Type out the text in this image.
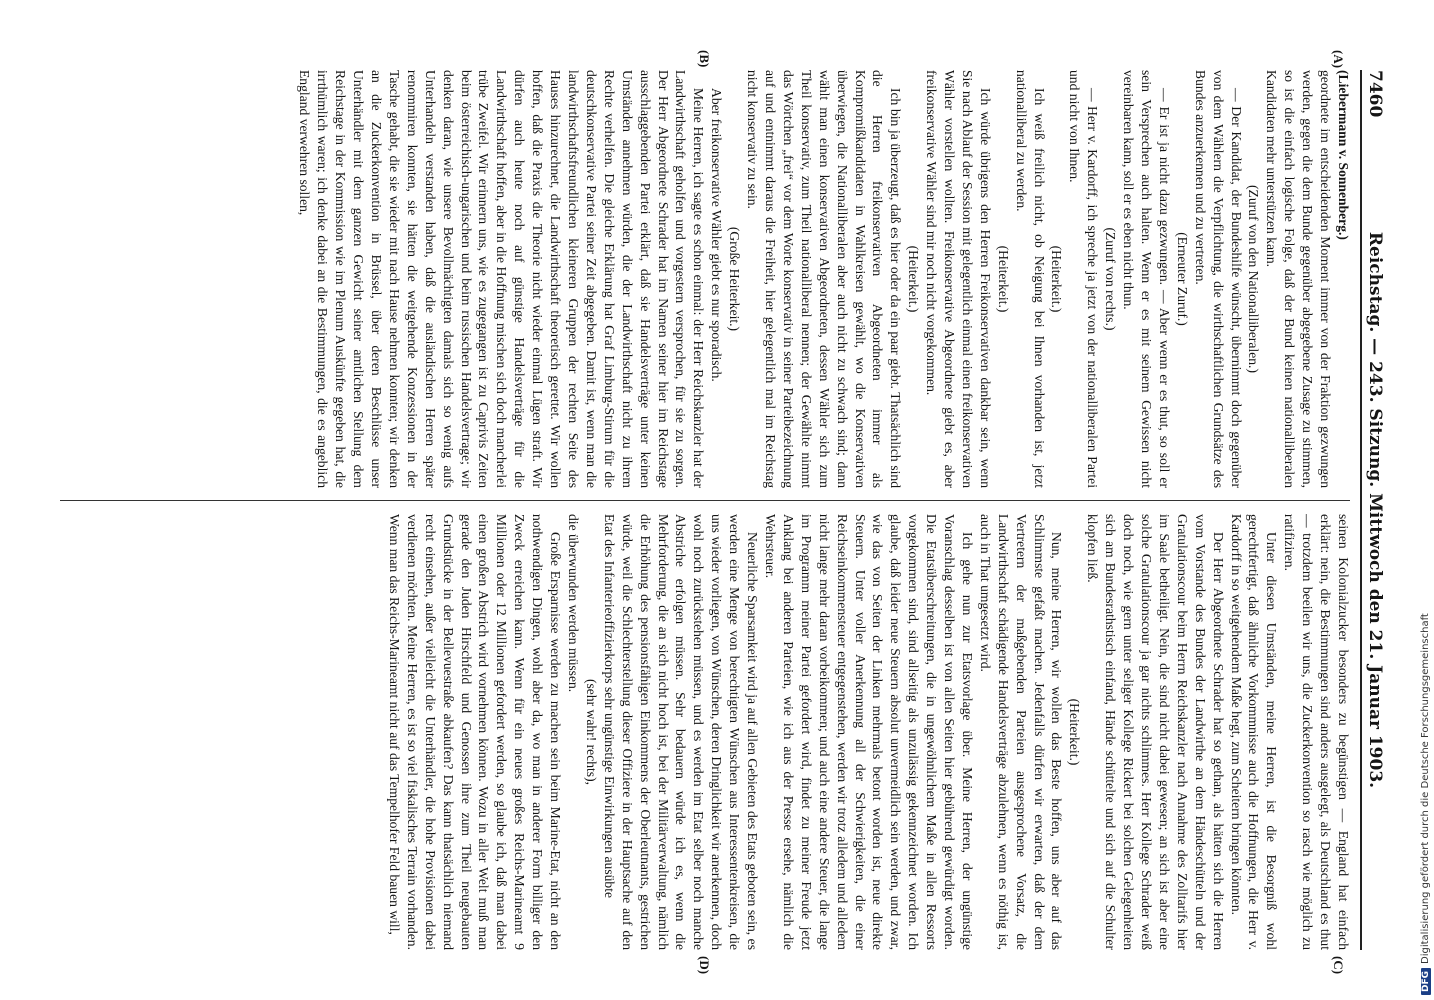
7460
Reichstag. — 243. Sitzung. Mittwoch den 21. Januar 1903.
(A)
(B)
(C)
(D)

(Liebermann v. Sonnenberg.)

geordnete im entscheidenden Moment immer von der Fraktion gezwungen werden, gegen die dem Bunde gegenüber abgegebene Zusage zu stimmen, so ist die einfach logische Folge, daß der Bund keinen nationalliberalen Kandidaten mehr unterstützen kann.

(Zuruf von den Nationalliberalen.)

— Der Kandidat, der Bundeshilfe wünscht, übernimmt doch gegenüber von dem Wählern die Verpflichtung, die wirthschaftlichen Grundsätze des Bundes anzuerkennen und zu vertreten.

(Erneuter Zuruf.)

— Er ist ja nicht dazu gezwungen. — Aber wenn er es thut, so soll er sein Versprechen auch halten. Wenn er es mit seinem Gewissen nicht vereinbaren kann, soll er es eben nicht thun.

(Zuruf von rechts.)

— Herr v. Kardorff, ich spreche ja jetzt von der nationalliberalen Partei und nicht von Ihnen.

(Heiterkeit.)

Ich weiß freilich nicht, ob Neigung bei Ihnen vorhanden ist, jetzt nationalliberal zu werden.

(Heiterkeit.)

Ich würde übrigens den Herren Freikonservativen dankbar sein, wenn Sie nach Ablauf der Session mit gelegentlich einmal einen freikonservativen Wähler vorstellen wollten. Freikonservative Abgeordnete giebt es, aber freikonservative Wähler sind mir noch nicht vorgekommen.

(Heiterkeit.)

Ich bin ja überzeugt, daß es hier oder da ein paar giebt. Thatsächlich sind die Herren freikonservativen Abgeordneten immer als Kompromißkandidaten in Wahlkreisen gewählt, wo die Konservativen überwiegen, die Nationalliberalen aber auch nicht zu schwach sind; dann wählt man einen konservativen Abgeordneten, dessen Wähler sich zum Theil konservativ, zum Theil nationalliberal nennen; der Gewählte nimmt das Wörtchen „frei“ vor dem Worte konservativ in seiner Parteibezeichnung auf und entnimmt daraus die Freiheit, hier gelegentlich mal im Reichstag nicht konservativ zu sein.

(Große Heiterkeit.)

Aber freikonservative Wähler giebt es nur sporadisch.

Meine Herren, ich sagte es schon einmal: der Herr Reichskanzler hat der Landwirthschaft geholfen und vorgestern versprochen, für sie zu sorgen. Der Herr Abgeordnete Schrader hat im Namen seiner hier im Reichstage ausschlaggebenden Partei erklärt, daß sie Handelsverträge unter keinen Umständen annehmen würden, die der Landwirthschaft nicht zu ihrem Rechte verhelfen. Die gleiche Erklärung hat Graf Limburg-Stirum für die deutschkonservative Partei seiner Zeit abgegeben. Damit ist, wenn man die landwirthschaftsfreundlichen kleineren Gruppen der rechten Seite des Hauses hinzurechnet, die Landwirthschaft theoretisch gerettet. Wir wollen hoffen, daß die Praxis die Theorie nicht wieder einmal Lügen straft. Wir dürfen auch heute noch auf günstige Handelsverträge für die Landwirthschaft hoffen, aber in die Hoffnung mischen sich doch mancherlei trübe Zweifel. Wir erinnern uns, wie es zugegangen ist zu Caprivis Zeiten beim österreichisch-ungarischen und beim russischen Handelsvertrage; wir denken daran, wie unsere Bevollmächtigten damals sich so wenig aufs Unterhandeln verstanden haben, daß die ausländischen Herren später renommiren konnten, sie hätten die weitgehende Konzessionen in der Tasche gehabt, die sie wieder mit nach Hause nehmen konnten; wir denken an die Zuckerkonvention in Brüssel, über deren Beschlüsse unser Unterhändler mit dem ganzen Gewicht seiner amtlichen Stellung dem Reichstage in der Kommission wie im Plenum Auskünfte gegeben hat, die irrthümlich waren; ich denke dabei an die Bestimmungen, die es angeblich England verwehren sollen,

seinen Kolonialzucker besonders zu begünstigen — England hat einfach erklärt: nein, die Bestimmungen sind anders ausgelegt, als Deutschland es thut — trotzdem beeilen wir uns, die Zuckerkonvention so rasch wie möglich zu ratifiziren.

Unter diesen Umständen, meine Herren, ist die Besorgniß wohl gerechtfertigt, daß ähnliche Vorkommnisse auch die Hoffnungen, die Herr v. Kardorff in so weitgehendem Maße hegt, zum Scheitern bringen könnten.

Der Herr Abgeordnete Schrader hat so gethan, als hätten sich die Herren vom Vorstande des Bundes der Landwirthe an dem Händeschütteln und der Gratulationscour beim Herrn Reichskanzler nach Annahme des Zolltarifs hier im Saale betheiligt. Nein, die sind nicht dabei gewesen; an sich ist aber eine solche Gratulationscour ja gar nichts schlimmes. Herr Kollege Schrader weiß doch noch, wie gern unter seliger Kollege Rickert bei solchen Gelegenheiten sich am Bundesrathstisch einfand, Hände schüttelte und sich auf die Schulter klopfen ließ.

(Heiterkeit.)

Nun, meine Herren, wir wollen das Beste hoffen, uns aber auf das Schlimmste gefaßt machen. Jedenfalls dürfen wir erwarten, daß der dem Vertretern der maßgebenden Parteien ausgesprochene Vorsatz, die Landwirthschaft schädigende Handelsverträge abzulehnen, wenn es nöthig ist, auch in That umgesetzt wird.

Ich gehe nun zur Etatsvorlage über. Meine Herren, der ungünstige Voranschlag desselben ist von allen Seiten hier gebührend gewürdigt worden. Die Etatsüberschreitungen, die in ungewöhnlichem Maße in allen Ressorts vorgekommen sind, sind allseitig als unzulässig gekennzeichnet worden. Ich glaube, daß leider neue Steuern absolut unvermeidlich sein werden, und zwar, wie das von Seiten der Linken mehrmals betont worden ist, neue direkte Steuern. Unter voller Anerkennung all der Schwierigkeiten, die einer Reichseinkommensteuer entgegenstehen, werden wir trotz alledem und alledem nicht lange mehr daran vorbeikommen; und auch eine andere Steuer, die lange im Programm meiner Partei gefordert wird, findet zu meiner Freude jetzt Anklang bei anderen Parteien, wie ich aus der Presse ersehe, nämlich die Wehrsteuer.

Neuerliche Sparsamkeit wird ja auf allen Gebieten des Etats geboten sein, es werden eine Menge von berechtigten Wünschen aus Interessentenkreisen, die uns wieder vorliegen, von Wünschen, deren Dringlichkeit wir anerkennen, doch wohl noch zurückstehen müssen, und es werden im Etat selber noch manche Abstriche erfolgen müssen. Sehr bedauern würde ich es, wenn die Mehrforderung, die an sich nicht hoch ist, bei der Militärverwaltung, nämlich die Erhöhung des pensionsfähigen Einkommens der Oberleutnants, gestrichen würde, weil die Schlechterstellung dieser Offiziere in der Hauptsache auf den Etat des Infanterieoffizierkorps sehr ungünstige Einwirkungen ausübte

(sehr wahr! rechts),

die überwunden werden müssen.

Große Ersparnisse werden zu machen sein beim Marine-Etat, nicht an den nothwendigen Dingen, wohl aber da, wo man in anderer Form billiger den Zweck erreichen kann. Wenn für ein neues großes Reichs-Marineamt 9 Millionen oder 12 Millionen gefordert werden, so glaube ich, daß man dabei einen großen Abstrich wird vornehmen können. Wozu in aller Welt muß man gerade den Juden Hirschfeld und Genossen ihre zum Theil neugebauten Grundstücke in der Bellevuestraße abkaufen? Das kann thatsächlich niemand recht einsehen, außer vielleicht die Unterhändler, die hohe Provisionen dabei verdienen möchten. Meine Herren, es ist so viel fiskalisches Terrain vorhanden. Wenn man das Reichs-Marineamt nicht auf das Tempelhofer Feld bauen will,

DFGDigitalisierung gefördert durch die Deutsche Forschungsgemeinschaft
